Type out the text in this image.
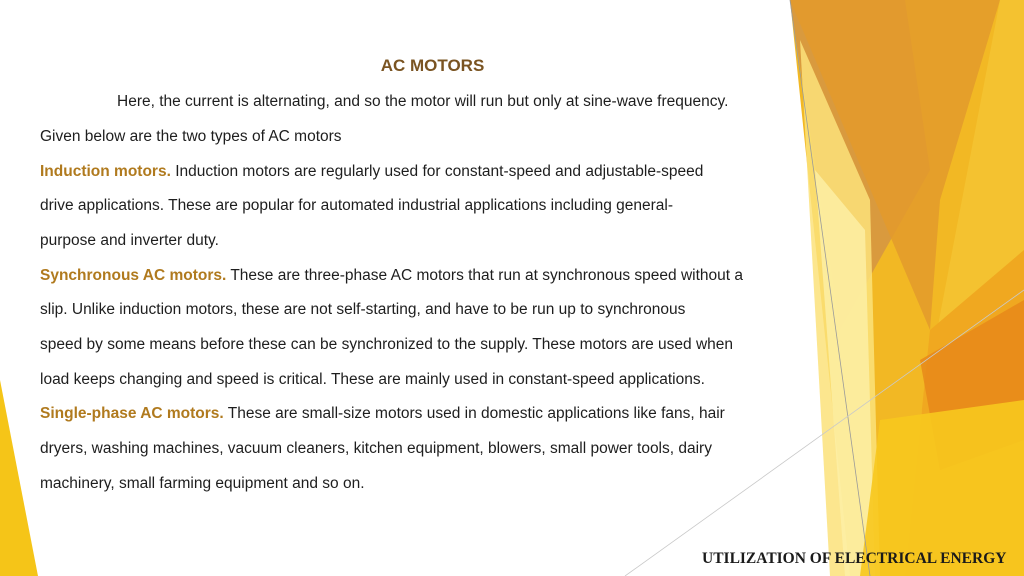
AC MOTORS
Here, the current is alternating, and so the motor will run but only at sine-wave frequency.
Given below are the two types of AC motors
Induction motors. Induction motors are regularly used for constant-speed and adjustable-speed
drive applications. These are popular for automated industrial applications including general-
purpose and inverter duty.
Synchronous AC motors. These are three-phase AC motors that run at synchronous speed without a
slip. Unlike induction motors, these are not self-starting, and have to be run up to synchronous
speed by some means before these can be synchronized to the supply. These motors are used when
load keeps changing and speed is critical. These are mainly used in constant-speed applications.
Single-phase AC motors. These are small-size motors used in domestic applications like fans, hair
dryers, washing machines, vacuum cleaners, kitchen equipment, blowers, small power tools, dairy
machinery, small farming equipment and so on.
UTILIZATION OF ELECTRICAL ENERGY
